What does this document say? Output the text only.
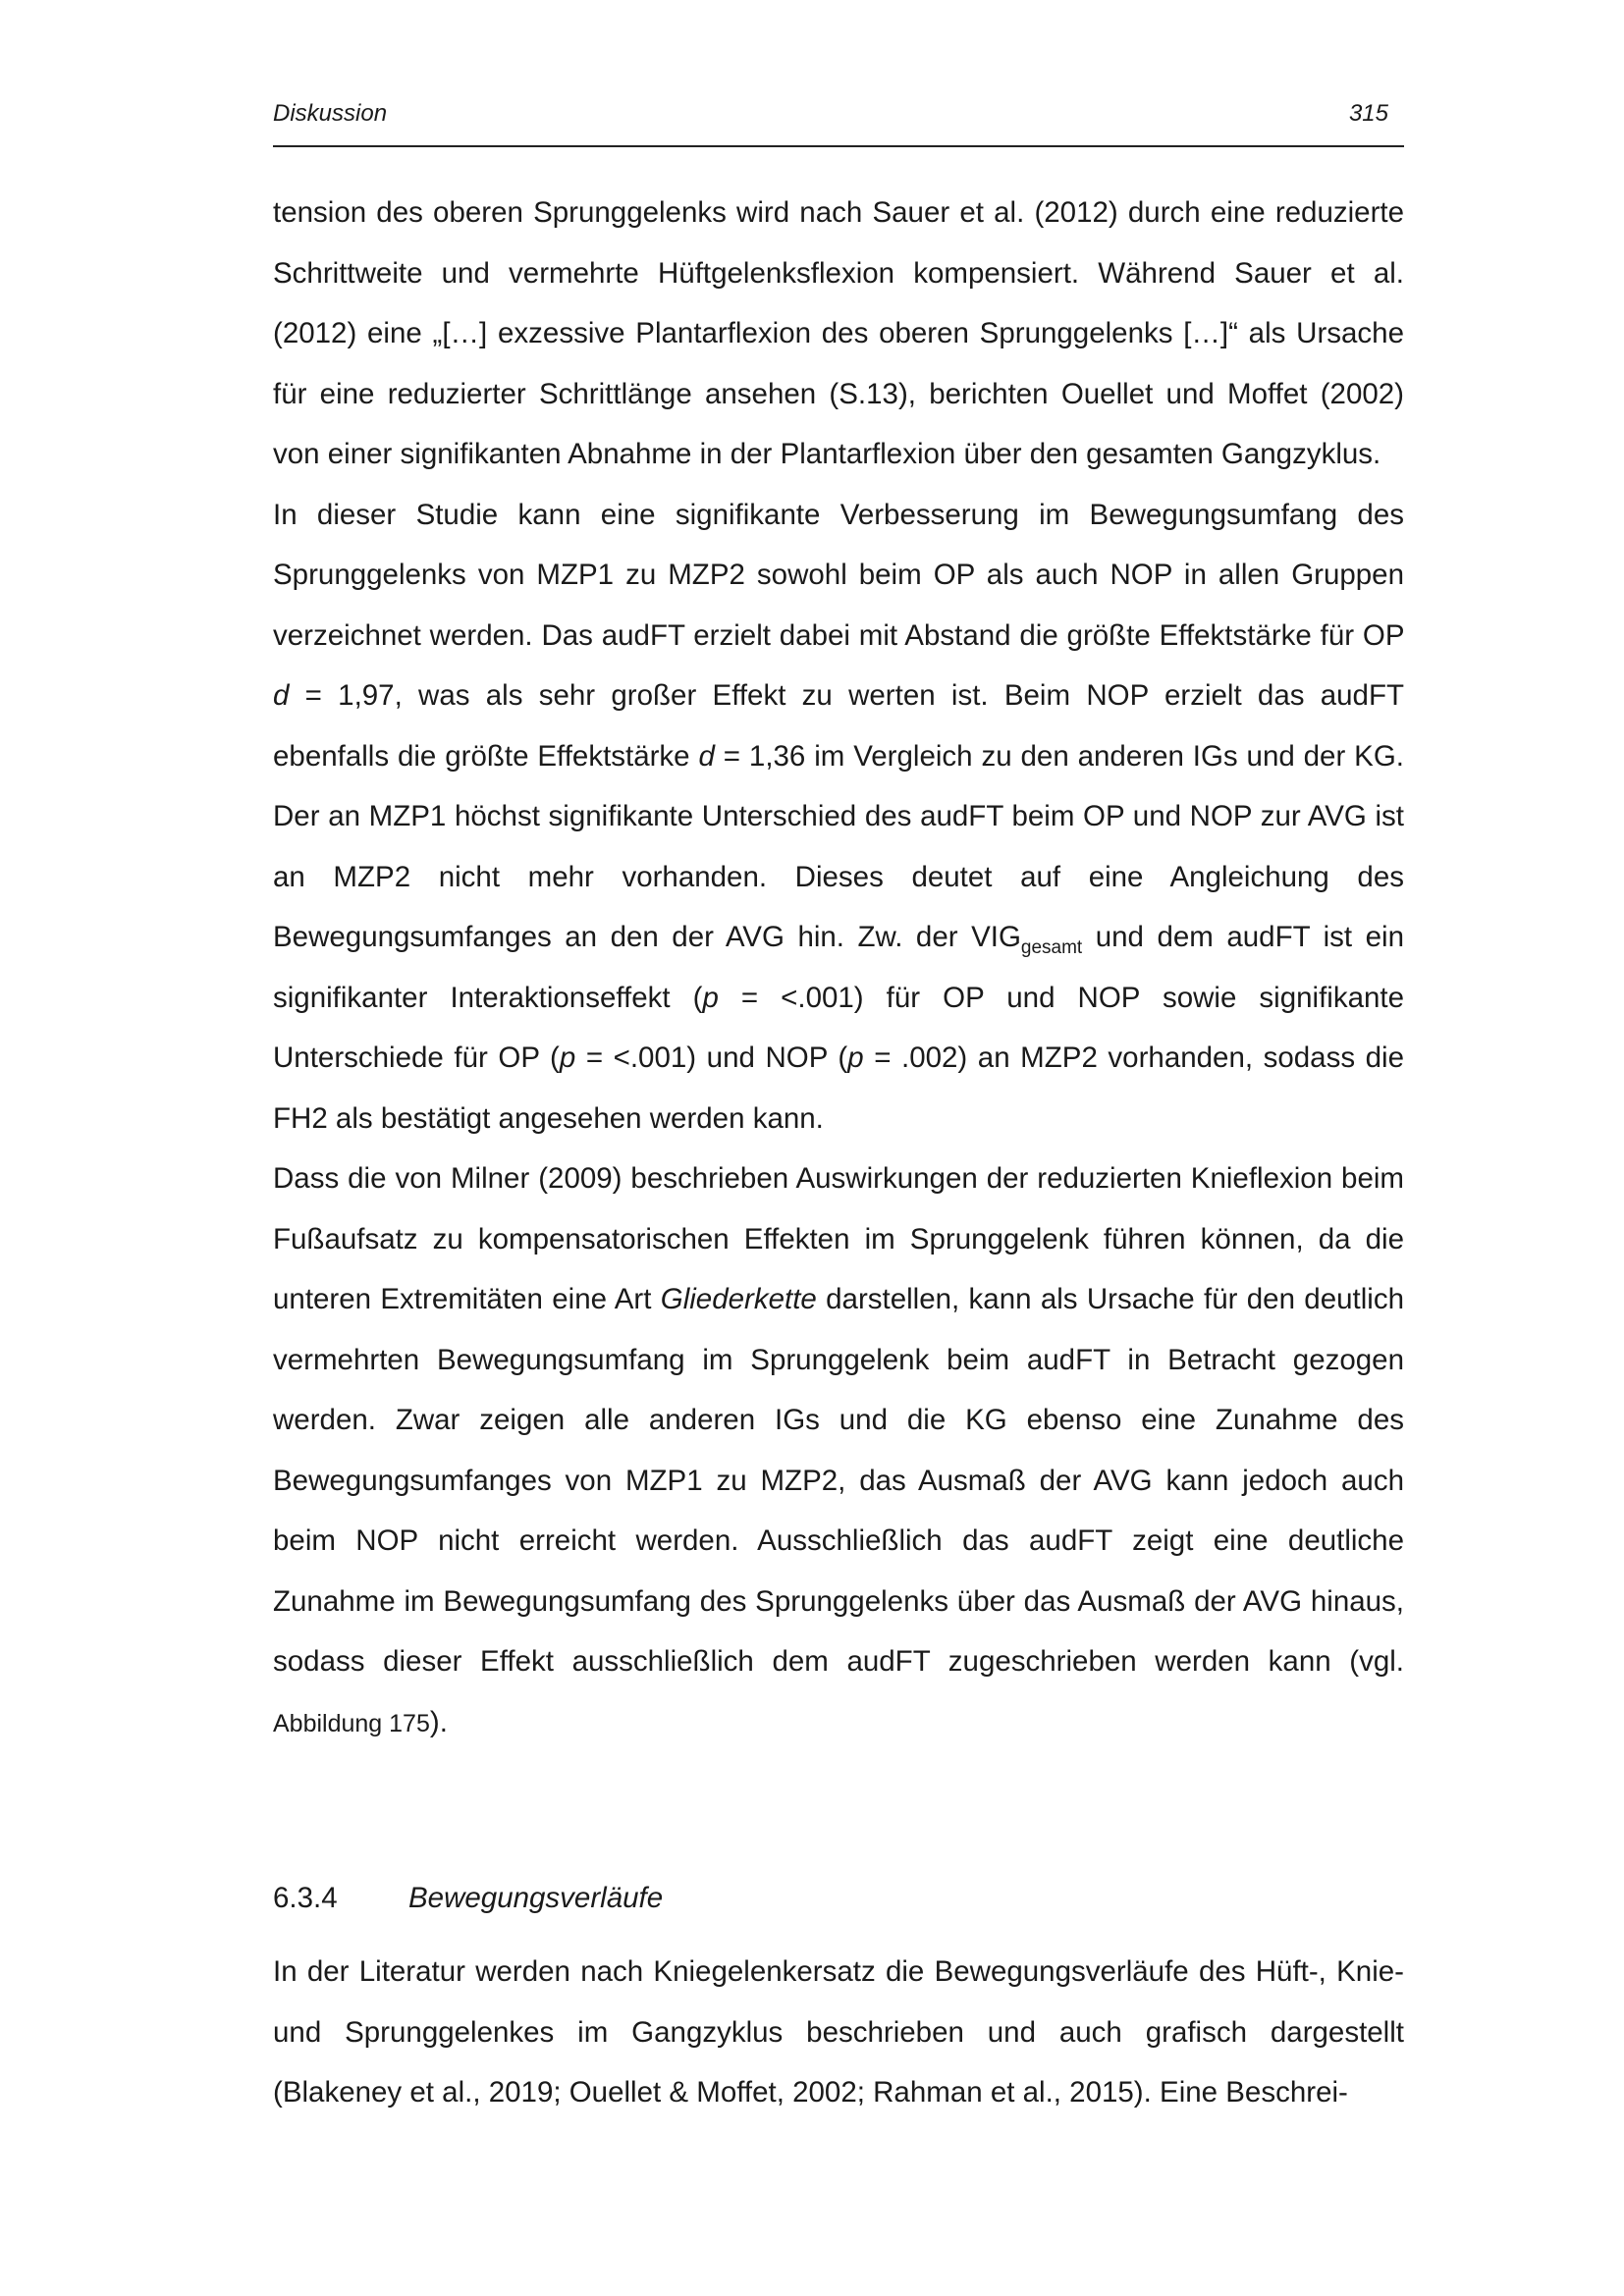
Diskussion	315

tension des oberen Sprunggelenks wird nach Sauer et al. (2012) durch eine reduzierte Schrittweite und vermehrte Hüftgelenksflexion kompensiert. Während Sauer et al. (2012) eine „[…] exzessive Plantarflexion des oberen Sprunggelenks […]“ als Ursache für eine reduzierter Schrittlänge ansehen (S.13), berichten Ouellet und Moffet (2002) von einer signifikanten Abnahme in der Plantarflexion über den gesamten Gangzyklus.

In dieser Studie kann eine signifikante Verbesserung im Bewegungsumfang des Sprunggelenks von MZP1 zu MZP2 sowohl beim OP als auch NOP in allen Gruppen verzeichnet werden. Das audFT erzielt dabei mit Abstand die größte Effektstärke für OP d = 1,97, was als sehr großer Effekt zu werten ist. Beim NOP erzielt das audFT ebenfalls die größte Effektstärke d = 1,36 im Vergleich zu den anderen IGs und der KG. Der an MZP1 höchst signifikante Unterschied des audFT beim OP und NOP zur AVG ist an MZP2 nicht mehr vorhanden. Dieses deutet auf eine Angleichung des Bewegungsumfanges an den der AVG hin. Zw. der $VIG_{gesamt}$ und dem audFT ist ein signifikanter Interaktionseffekt (p = <.001) für OP und NOP sowie signifikante Unterschiede für OP (p = <.001) und NOP (p = .002) an MZP2 vorhanden, sodass die FH2 als bestätigt angesehen werden kann.

Dass die von Milner (2009) beschrieben Auswirkungen der reduzierten Knieflexion beim Fußaufsatz zu kompensatorischen Effekten im Sprunggelenk führen können, da die unteren Extremitäten eine Art Gliederkette darstellen, kann als Ursache für den deutlich vermehrten Bewegungsumfang im Sprunggelenk beim audFT in Betracht gezogen werden. Zwar zeigen alle anderen IGs und die KG ebenso eine Zunahme des Bewegungsumfanges von MZP1 zu MZP2, das Ausmaß der AVG kann jedoch auch beim NOP nicht erreicht werden. Ausschließlich das audFT zeigt eine deutliche Zunahme im Bewegungsumfang des Sprunggelenks über das Ausmaß der AVG hinaus, sodass dieser Effekt ausschließlich dem audFT zugeschrieben werden kann (vgl. Abbildung 175).

6.3.4 Bewegungsverläufe

In der Literatur werden nach Kniegelenkersatz die Bewegungsverläufe des Hüft-, Knie- und Sprunggelenkes im Gangzyklus beschrieben und auch grafisch dargestellt (Blakeney et al., 2019; Ouellet & Moffet, 2002; Rahman et al., 2015). Eine Beschrei-
